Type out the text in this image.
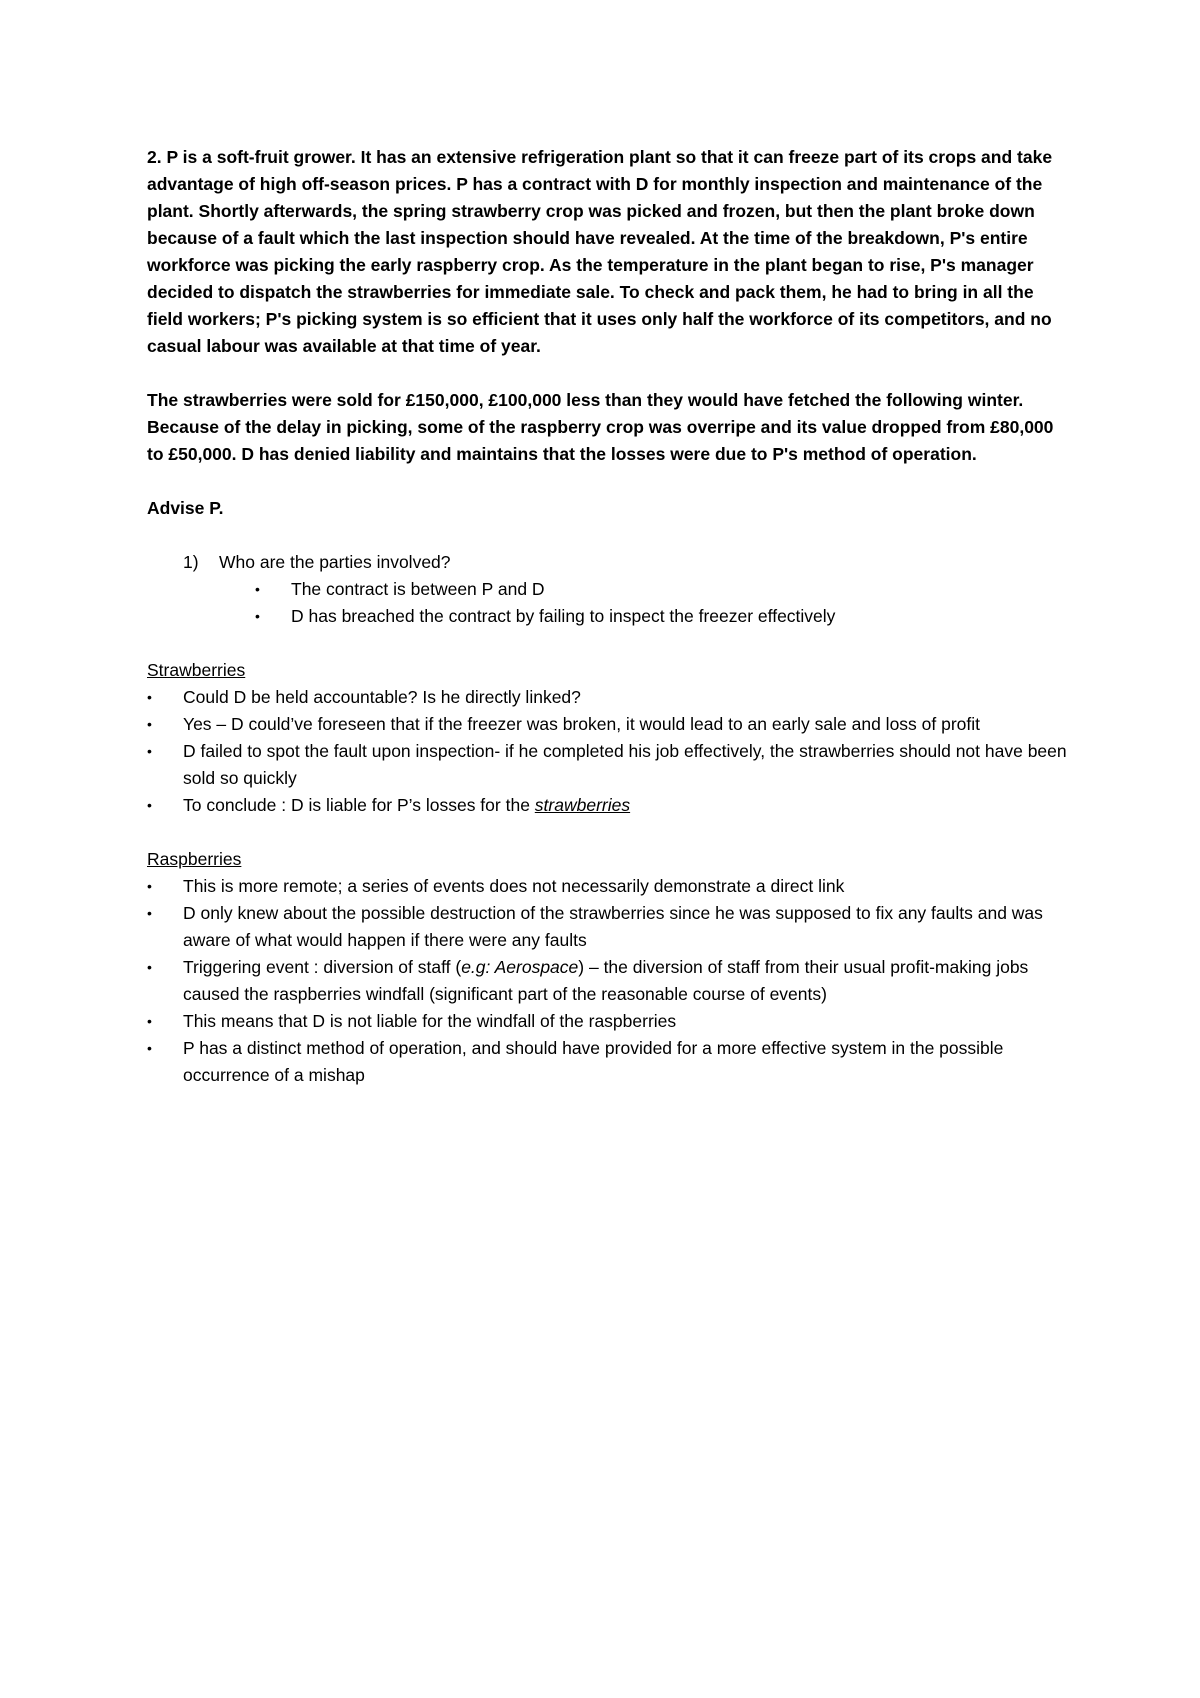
2. P is a soft-fruit grower. It has an extensive refrigeration plant so that it can freeze part of its crops and take advantage of high off-season prices. P has a contract with D for monthly inspection and maintenance of the plant. Shortly afterwards, the spring strawberry crop was picked and frozen, but then the plant broke down because of a fault which the last inspection should have revealed. At the time of the breakdown, P's entire workforce was picking the early raspberry crop. As the temperature in the plant began to rise, P's manager decided to dispatch the strawberries for immediate sale. To check and pack them, he had to bring in all the field workers; P's picking system is so efficient that it uses only half the workforce of its competitors, and no casual labour was available at that time of year.

The strawberries were sold for £150,000, £100,000 less than they would have fetched the following winter. Because of the delay in picking, some of the raspberry crop was overripe and its value dropped from £80,000 to £50,000. D has denied liability and maintains that the losses were due to P's method of operation.

Advise P.

1) Who are the parties involved?
• The contract is between P and D
• D has breached the contract by failing to inspect the freezer effectively

Strawberries

• Could D be held accountable? Is he directly linked?
• Yes – D could’ve foreseen that if the freezer was broken, it would lead to an early sale and loss of profit
• D failed to spot the fault upon inspection- if he completed his job effectively, the strawberries should not have been sold so quickly
• To conclude : D is liable for P’s losses for the strawberries

Raspberries

• This is more remote; a series of events does not necessarily demonstrate a direct link
• D only knew about the possible destruction of the strawberries since he was supposed to fix any faults and was aware of what would happen if there were any faults
• Triggering event : diversion of staff (e.g: Aerospace) – the diversion of staff from their usual profit-making jobs caused the raspberries windfall (significant part of the reasonable course of events)
• This means that D is not liable for the windfall of the raspberries
• P has a distinct method of operation, and should have provided for a more effective system in the possible occurrence of a mishap
